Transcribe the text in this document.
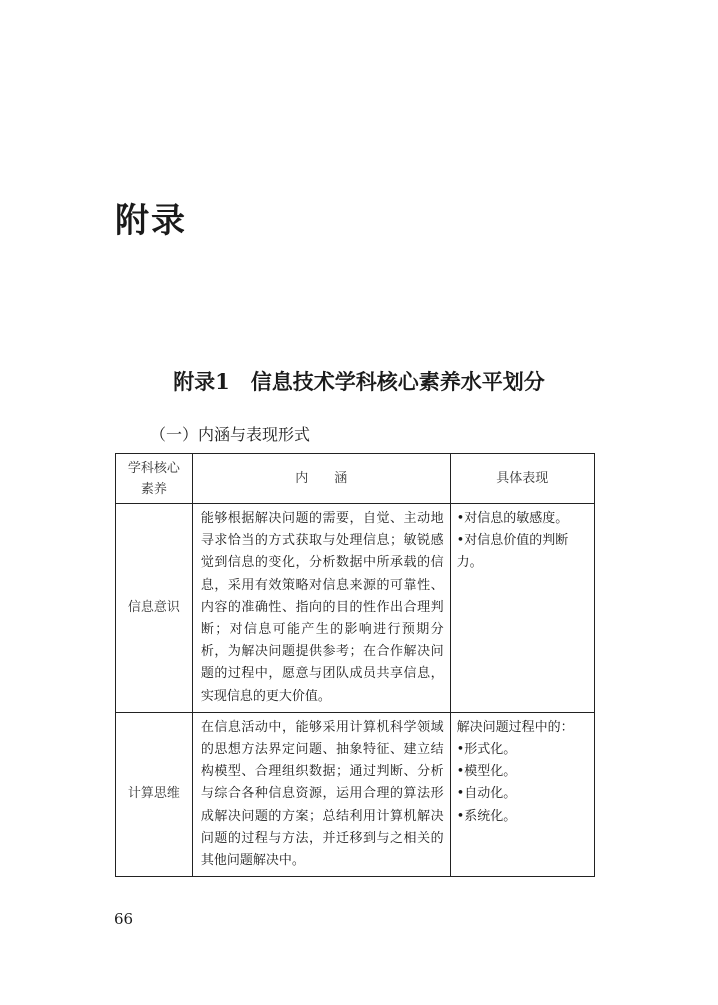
附录
附录1　信息技术学科核心素养水平划分
（一）内涵与表现形式
学科核心素养	内　　涵	具体表现
信息意识	能够根据解决问题的需要，自觉、主动地寻求恰当的方式获取与处理信息；敏锐感觉到信息的变化，分析数据中所承载的信息，采用有效策略对信息来源的可靠性、内容的准确性、指向的目的性作出合理判断；对信息可能产生的影响进行预期分析，为解决问题提供参考；在合作解决问题的过程中，愿意与团队成员共享信息，实现信息的更大价值。	•对信息的敏感度。
•对信息价值的判断力。

计算思维	在信息活动中，能够采用计算机科学领域的思想方法界定问题、抽象特征、建立结构模型、合理组织数据；通过判断、分析与综合各种信息资源，运用合理的算法形成解决问题的方案；总结利用计算机解决问题的过程与方法，并迁移到与之相关的其他问题解决中。	解决问题过程中的：
•形式化。
•模型化。
•自动化。
•系统化。
66
